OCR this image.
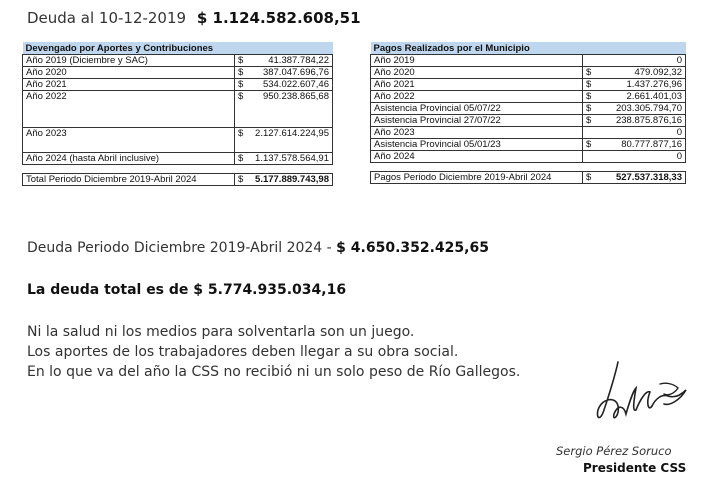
Deuda al 10-12-2019 $ 1.124.582.608,51
Devengado por Aportes y Contribuciones		
Año 2019 (Diciembre y SAC)	$	41.387.784,22
Año 2020	$	387.047.696,76
Año 2021	$	534.022.607,46
Año 2022	$	950.238.865,68
Año 2023	$	2.127.614.224,95
Año 2024 (hasta Abril inclusive)	$	1.137.578.564,91

Total Periodo Diciembre 2019-Abril 2024	$	5.177.889.743,98
Pagos Realizados por el Municipio		
Año 2019		0
Año 2020	$	479.092,32
Año 2021	$	1.437.276,96
Año 2022	$	2.661.401,03
Asistencia Provincial 05/07/22	$	203.305.794,70
Asistencia Provincial 27/07/22	$	238.875.876,16
Año 2023		0
Asistencia Provincial 05/01/23	$	80.777.877,16
Año 2024		0

Pagos Periodo Diciembre 2019-Abril 2024	$	527.537.318,33
Deuda Periodo Diciembre 2019-Abril 2024 - $ 4.650.352.425,65
La deuda total es de $ 5.774.935.034,16
Ni la salud ni los medios para solventarla son un juego.
Los aportes de los trabajadores deben llegar a su obra social.
En lo que va del año la CSS no recibió ni un solo peso de Río Gallegos.
Sergio Pérez Soruco
Presidente CSS
